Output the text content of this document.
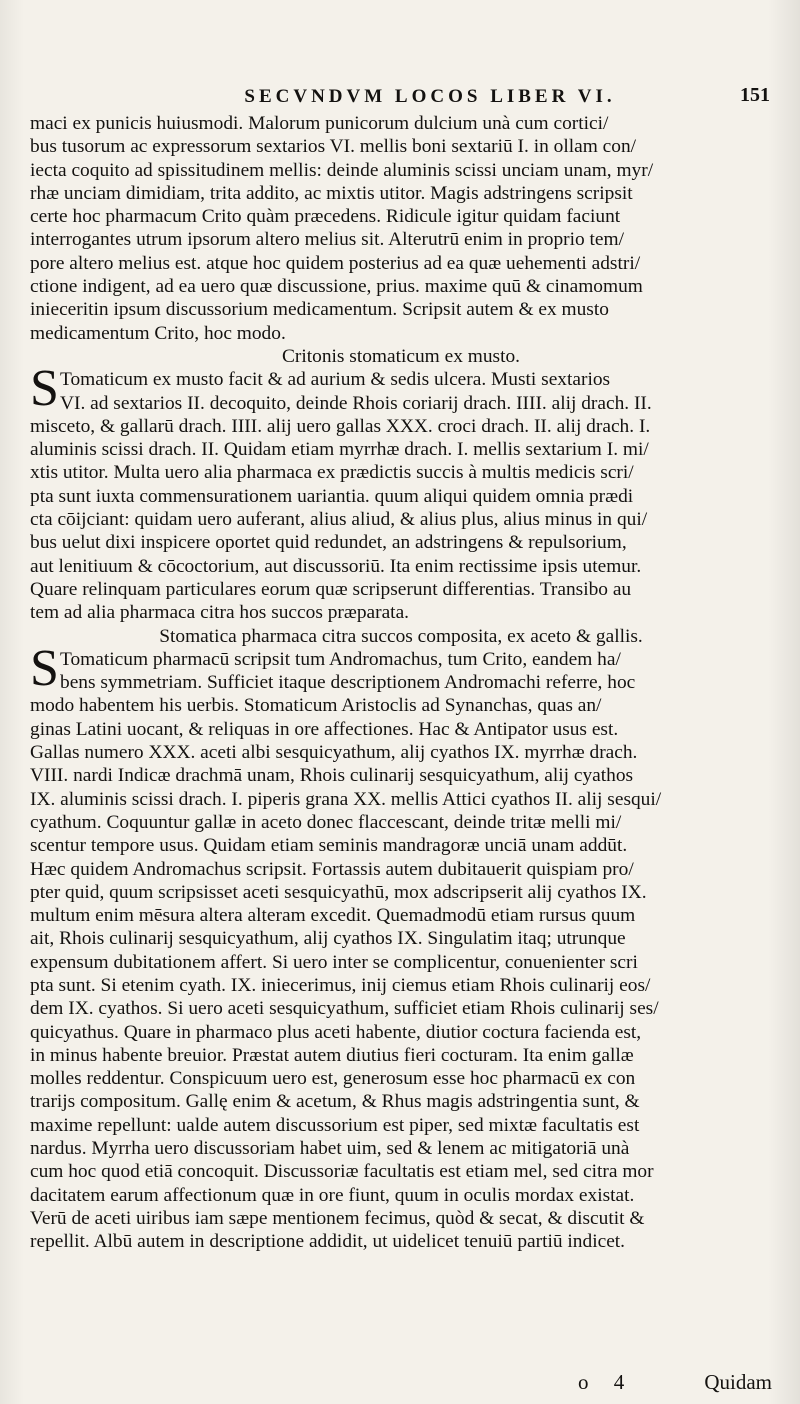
SECVNDVM LOCOS LIBER VI.	151
maci ex punicis huiusmodi. Malorum punicorum dulcium unà cum cortici/
bus tusorum ac expressorum sextarios VI. mellis boni sextariū I. in ollam con/
iecta coquito ad spissitudinem mellis: deinde aluminis scissi unciam unam, myr/
rhæ unciam dimidiam, trita addito, ac mixtis utitor. Magis adstringens scripsit
certe hoc pharmacum Crito quàm præcedens. Ridicule igitur quidam faciunt
interrogantes utrum ipsorum altero melius sit. Alterutrū enim in proprio tem/
pore altero melius est. atque hoc quidem posterius ad ea quæ uehementi adstri/
ctione indigent, ad ea uero quæ discussione, prius. maxime quū & cinamomum
inieceritin ipsum discussorium medicamentum. Scripsit autem & ex musto
medicamentum Crito, hoc modo.
Critonis stomaticum ex musto.
S Tomaticum ex musto facit & ad aurium & sedis ulcera. Musti sextarios
VI. ad sextarios II. decoquito, deinde Rhois coriarij drach. IIII. alij drach. II.
misceto, & gallarū drach. IIII. alij uero gallas XXX. croci drach. II. alij drach. I.
aluminis scissi drach. II. Quidam etiam myrrhæ drach. I. mellis sextarium I. mi/
xtis utitor. Multa uero alia pharmaca ex prædictis succis à multis medicis scri/
pta sunt iuxta commensurationem uariantia. quum aliqui quidem omnia prædi
cta cōijciant: quidam uero auferant, alius aliud, & alius plus, alius minus in qui/
bus uelut dixi inspicere oportet quid redundet, an adstringens & repulsorium,
aut lenitiuum & cōcoctorium, aut discussoriū. Ita enim rectissime ipsis utemur.
Quare relinquam particulares eorum quæ scripserunt differentias. Transibo au
tem ad alia pharmaca citra hos succos præparata.
Stomatica pharmaca citra succos composita, ex aceto & gallis.
S Tomaticum pharmacū scripsit tum Andromachus, tum Crito, eandem ha/
bens symmetriam. Sufficiet itaque descriptionem Andromachi referre, hoc
modo habentem his uerbis. Stomaticum Aristoclis ad Synanchas, quas an/
ginas Latini uocant, & reliquas in ore affectiones. Hac & Antipator usus est.
Gallas numero XXX. aceti albi sesquicyathum, alij cyathos IX. myrrhæ drach.
VIII. nardi Indicæ drachmā unam, Rhois culinarij sesquicyathum, alij cyathos
IX. aluminis scissi drach. I. piperis grana XX. mellis Attici cyathos II. alij sesqui/
cyathum. Coquuntur gallæ in aceto donec flaccescant, deinde tritæ melli mi/
scentur tempore usus. Quidam etiam seminis mandragoræ unciā unam addūt.
Hæc quidem Andromachus scripsit. Fortassis autem dubitauerit quispiam pro/
pter quid, quum scripsisset aceti sesquicyathū, mox adscripserit alij cyathos IX.
multum enim mēsura altera alteram excedit. Quemadmodū etiam rursus quum
ait, Rhois culinarij sesquicyathum, alij cyathos IX. Singulatim itaq; utrunque
expensum dubitationem affert. Si uero inter se complicentur, conuenienter scri
pta sunt. Si etenim cyath. IX. iniecerimus, inij ciemus etiam Rhois culinarij eos/
dem IX. cyathos. Si uero aceti sesquicyathum, sufficiet etiam Rhois culinarij ses/
quicyathus. Quare in pharmaco plus aceti habente, diutior coctura facienda est,
in minus habente breuior. Præstat autem diutius fieri cocturam. Ita enim gallæ
molles reddentur. Conspicuum uero est, generosum esse hoc pharmacū ex con
trarijs compositum. Gallę enim & acetum, & Rhus magis adstringentia sunt, &
maxime repellunt: ualde autem discussorium est piper, sed mixtæ facultatis est
nardus. Myrrha uero discussoriam habet uim, sed & lenem ac mitigatoriā unà
cum hoc quod etiā concoquit. Discussoriæ facultatis est etiam mel, sed citra mor
dacitatem earum affectionum quæ in ore fiunt, quum in oculis mordax existat.
Verū de aceti uiribus iam sæpe mentionem fecimus, quòd & secat, & discutit &
repellit. Albū autem in descriptione addidit, ut uidelicet tenuiū partiū indicet.
o 4	Quidam
